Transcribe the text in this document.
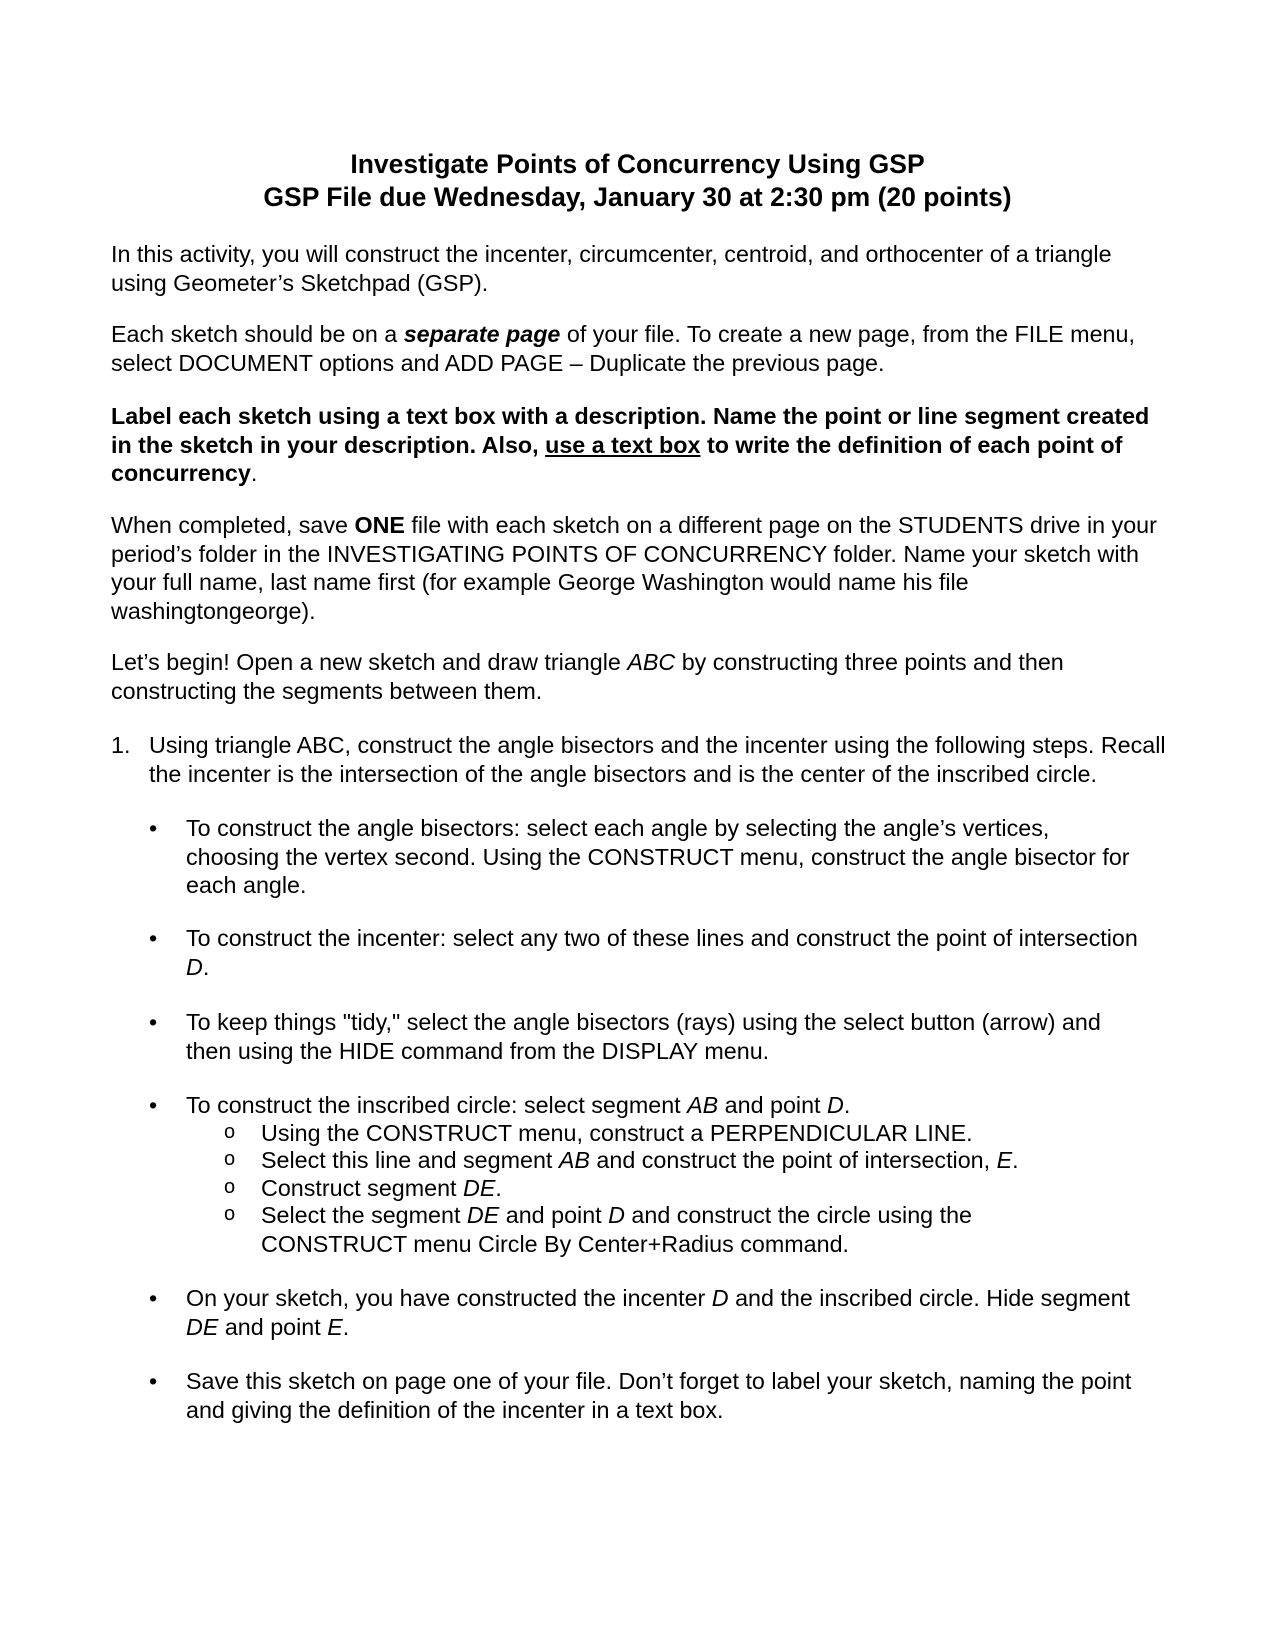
Investigate Points of Concurrency Using GSP
GSP File due Wednesday, January 30 at 2:30 pm (20 points)

In this activity, you will construct the incenter, circumcenter, centroid, and orthocenter of a triangle using Geometer’s Sketchpad (GSP).

Each sketch should be on a separate page of your file. To create a new page, from the FILE menu, select DOCUMENT options and ADD PAGE – Duplicate the previous page.

Label each sketch using a text box with a description. Name the point or line segment created in the sketch in your description. Also, use a text box to write the definition of each point of concurrency.

When completed, save ONE file with each sketch on a different page on the STUDENTS drive in your period’s folder in the INVESTIGATING POINTS OF CONCURRENCY folder. Name your sketch with your full name, last name first (for example George Washington would name his file washingtongeorge).

Let’s begin! Open a new sketch and draw triangle ABC by constructing three points and then constructing the segments between them.

1. Using triangle ABC, construct the angle bisectors and the incenter using the following steps. Recall the incenter is the intersection of the angle bisectors and is the center of the inscribed circle.
• To construct the angle bisectors: select each angle by selecting the angle’s vertices, choosing the vertex second. Using the CONSTRUCT menu, construct the angle bisector for each angle.
• To construct the incenter: select any two of these lines and construct the point of intersection D.
• To keep things "tidy," select the angle bisectors (rays) using the select button (arrow) and then using the HIDE command from the DISPLAY menu.
• To construct the inscribed circle: select segment AB and point D.
o Using the CONSTRUCT menu, construct a PERPENDICULAR LINE.
o Select this line and segment AB and construct the point of intersection, E.
o Construct segment DE.
o Select the segment DE and point D and construct the circle using the CONSTRUCT menu Circle By Center+Radius command.
• On your sketch, you have constructed the incenter D and the inscribed circle. Hide segment DE and point E.
• Save this sketch on page one of your file. Don’t forget to label your sketch, naming the point and giving the definition of the incenter in a text box.
